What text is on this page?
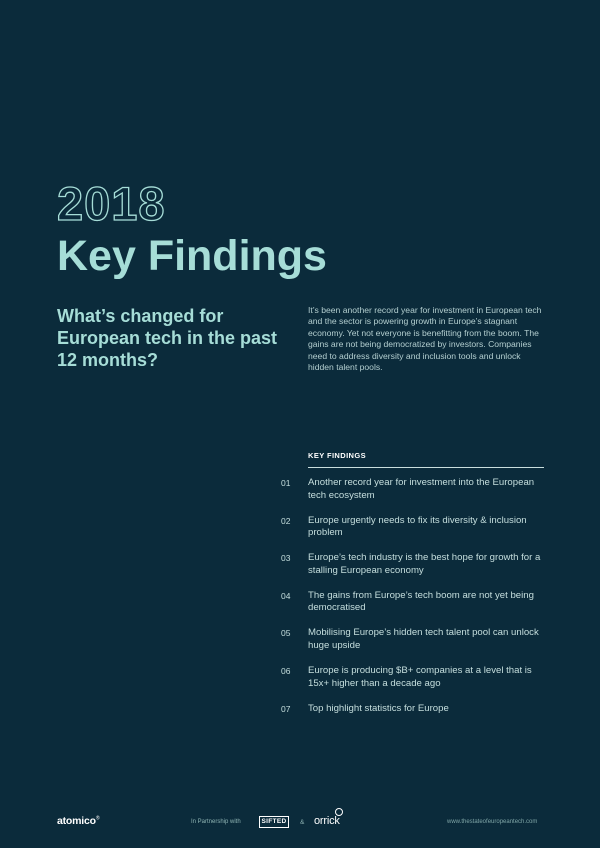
2018
Key Findings
What’s changed for European tech in the past 12 months?

It’s been another record year for investment in European tech and the sector is powering growth in Europe’s stagnant economy. Yet not everyone is benefitting from the boom. The gains are not being democratized by investors. Companies need to address diversity and inclusion tools and unlock hidden talent pools.

KEY FINDINGS
01	Another record year for investment into the European tech ecosystem
02	Europe urgently needs to fix its diversity & inclusion problem
03	Europe’s tech industry is the best hope for growth for a stalling European economy
04	The gains from Europe’s tech boom are not yet being democratised
05	Mobilising Europe’s hidden tech talent pool can unlock huge upside
06	Europe is producing $B+ companies at a level that is 15x+ higher than a decade ago
07	Top highlight statistics for Europe
atomico®
In Partnership with	SIFTED	& orrick	www.thestateofeuropeantech.com
